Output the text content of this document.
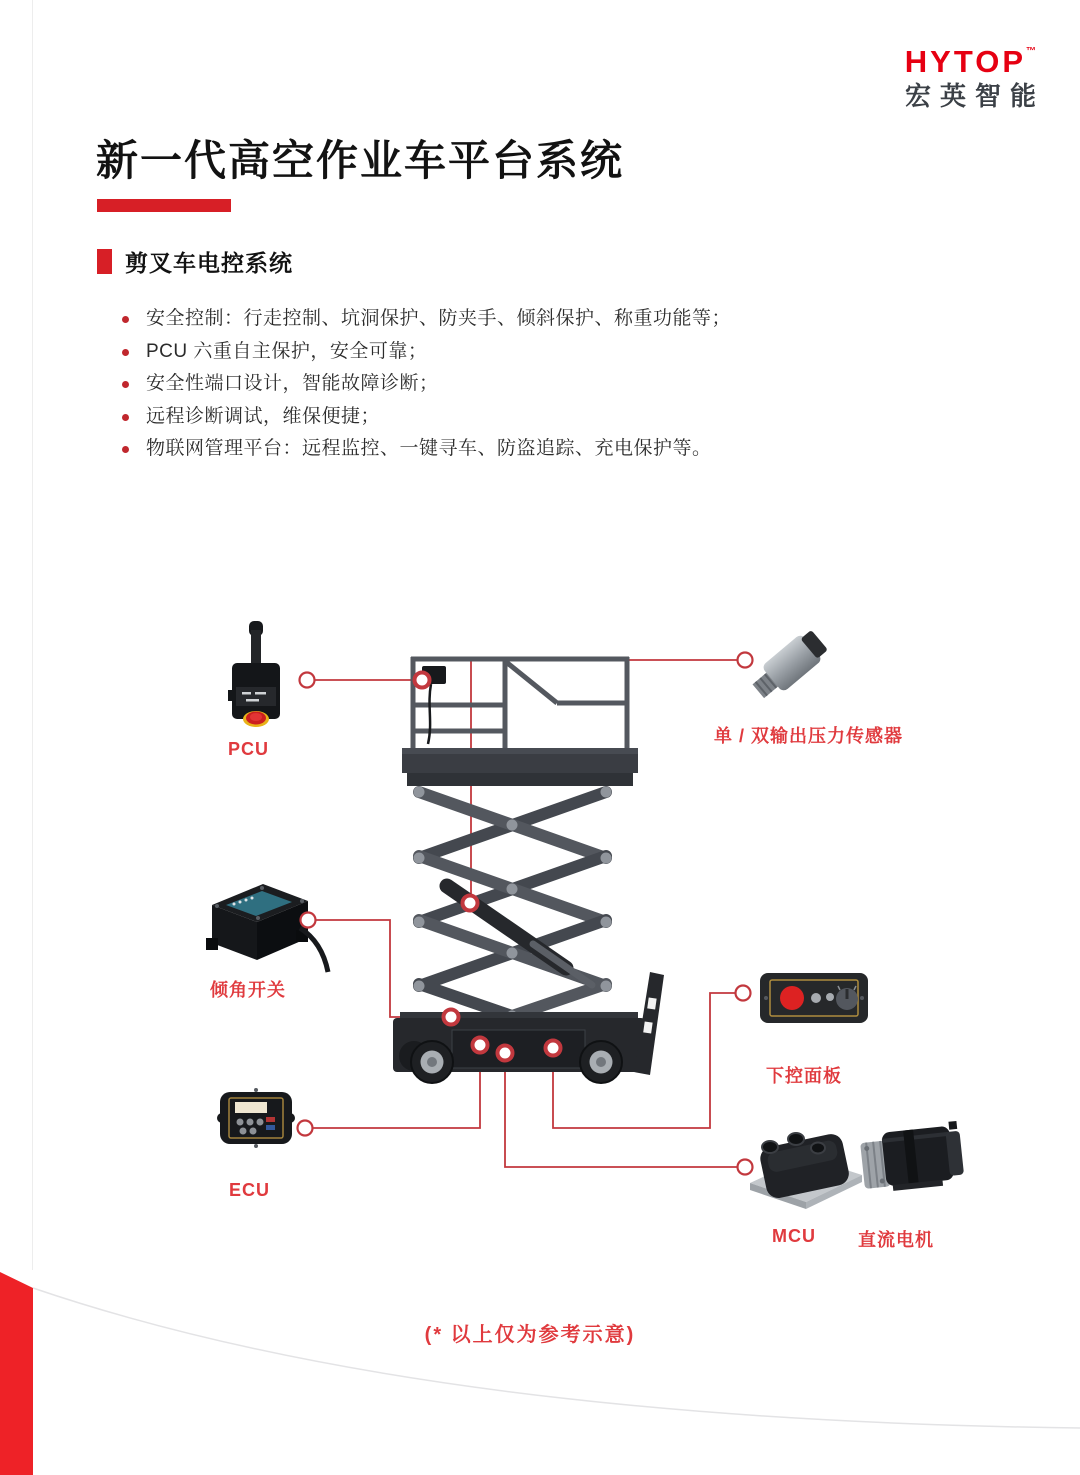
HYTOP™
宏英智能
新一代高空作业车平台系统
剪叉车电控系统
安全控制：行走控制、坑洞保护、防夹手、倾斜保护、称重功能等；
PCU 六重自主保护，安全可靠；
安全性端口设计，智能故障诊断；
远程诊断调试，维保便捷；
物联网管理平台：远程监控、一键寻车、防盗追踪、充电保护等。
PCU
单 / 双输出压力传感器
倾角开关
下控面板
ECU
MCU 直流电机
(* 以上仅为参考示意)
